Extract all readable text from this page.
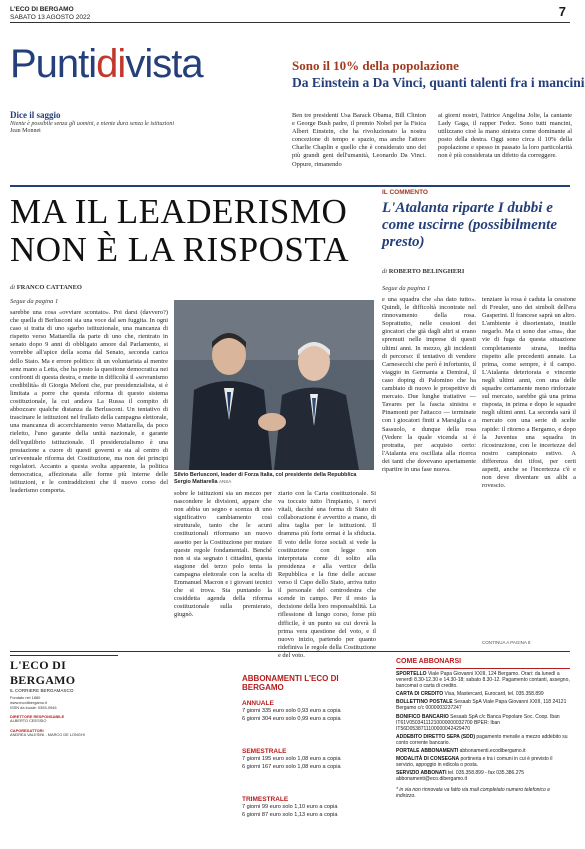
L'ECO DI BERGAMO
SABATO 13 AGOSTO 2022	7
Puntidivista
Dice il saggio
Niente è possibile senza gli uomini, e niente dura senza le istituzioni
Jean Monnet
Sono il 10% della popolazione
Da Einstein a Da Vinci, quanti talenti fra i mancini
Ben tre presidenti Usa Barack Obama, Bill Clinton e George Bush padre, il premio Nobel per la Fisica Albert Einstein, che ha rivoluzionato la nostra concezione di tempo e spazio, ma anche l'attore Charlie Chaplin e quello che è considerato uno dei più grandi geni dell'umanità, Leonardo Da Vinci. Oppure, rimanendo
ai giorni nostri, l'attrice Angelina Jolie, la cantante Lady Gaga, il rapper Fedez. Sono tutti mancini, utilizzano cioè la mano sinistra come dominante al posto della destra. Oggi sono circa il 10% della popolazione e spesso in passato la loro particolarità non è più considerata un difetto da correggere.
MA IL LEADERISMO
NON È LA RISPOSTA
IL COMMENTO
L'Atalanta riparte I dubbi e come uscirne (possibilmente presto)
di FRANCO CATTANEO
Segue da pagina 1
sarebbe una cosa «ovviare scontato». Poi darsi (davvero?) che quella di Berlusconi sia una voce dal sen fuggita. In ogni caso si tratta di uno sgarbo istituzionale, una mancanza di rispetto verso Mattarella da parte di uno che, rientrato in senato dopo 9 anni di obbligato amore dal Parlamento, si vorrebbe all'apice della scena dal Senato, seconda carica dello Stato. Ma e errore politico: di un voluntarista al mentre senz mano a Letta, che ha posto la questione democratica nei confronti di questa destra, e mette in difficoltà il «sovranismo credibilità» di Giorgia Meloni che, pur presidenzialista, si è limitata a porre che questa riforma di questo sistema costituzionale, la cui andava La Russa il compito di abbozzare qualche distanza da Berlusconi. Un tentativo di trascinare le istituzioni nel frullato della campagna elettorale, una mancanza di accerchiamento verso Mattarella, da poco rieletto, l'uno garante della unità nazionale, e garante dell'equilibrio istituzionale. Il presidenzialismo è una prestazione a cuore di questi governi e sta al centro di un'eventuale riforma dei Costituzione, ma non dei principi regolatori. Accanto a questa svolta apparente, la politica democratica, affezionata alle forme più interne delle istituzioni, e le contraddizioni che il nuovo corso del leaderismo comporta.
Silvio Berlusconi, leader di Forza Italia, col presidente della Repubblica Sergio Mattarella ANSA
sobre le istituzioni sia un mezzo per nascondere le divisioni, appare che non abbia un segno e scenza di uno significativo cambiamento così strutturale, tanto che le acuni costituzionali riformano un nuovo assetto per la Costituzione per mutare queste regole fondamentali. Benché non si sia segnato i cittadini, questa stagione del terzo polo tenta la campagna elettorale con la scelta di Emmanuel Macron e i giovani tecnici che si trova. Sta puntando la cosiddetta agenda della riforma costituzionale sulla premierato, giugnò.
ziario con la Carta costituzionale. Si va toccato tutto l'impianto, i nervi vitali, dacché una forma di Stato di collaborazione è avvertito a mano, di altra taglia per le istituzioni. Il dramma più forte ormai è la sfiducia. Il voto delle forze sociali si vede la costituzione con legge non interpretata come di solito alla presidenza e alla vertice della Repubblica e la fine delle accuse verso il Capo dello Stato, arriva tutto il personale del centrodestra che scende in campo. Per il resto la decisione della loro responsabilità. La riflessione di lungo corso, forse più difficile, è un punto su cui dovrà la prima vera questione del voto, e il nuovo inizio, partendo per quanto ridefiniva le regole della Costituzione e del voto.
di ROBERTO BELINGHERI
Segue da pagina 1
e una squadra che «ha dato tutto». Quindi, le difficoltà incontrate nel rinnovamento della rosa. Soprattutto, nelle cessioni dei giocatori che già dagli altri si erano spremuti nelle imprese di questi ultimi anni. In mezzo, gli incidenti di percorso: il tentativo di vendere Carnesecchi che però è infortunio, il viaggio in Germania a Demiral, il caso doping di Palomino che ha cambiato di nuovo le prospettive di mercato. Due lunghe trattative — Tavares per la fascia sinistra e Pinamonti per l'attacco — terminate con i giocatori finiti a Marsiglia e a Sassuolo, e dunque della rosa (Vedere la quale vicenda si è protratta, per acquisto certo: l'Atalanta era oscillata alla ricerca dei tanti che dovevano apertamente ripartire in una fase nuova.
tenziare la rosa è caduta la cessione di Freuler, uno dei simboli dell'era Gasperini. Il francese saprà un altro. L'ambiente è disorientato, inutile negarlo. Ma ci sono due «ma», due vie di fuga da questa situazione completamente strana, inedita rispetto alle precedenti annate. La prima, come sempre, è il campo. L'Atalanta deteriorata e vincente negli ultimi anni, con una delle squadre certamente meno rinforzate sul mercato, sarebbe già una prima risposta, in prima e dopo le squadre negli ultimi anni. La seconda sarà il mercato con una serie di scelte rapide: il ritorno a Bergamo, e dopo la Juventus una squadra in ricostruzione, con le incertezze del nostro campionato estivo. A differenza dei tifosi, per certi aspetti, anche se l'incertezza c'è e non deve diventare un alibi a rovescio.
CONTINUA A PAGINA 8
L'ECO DI BERGAMO
IL CORRIERE BERGAMASCO
Fondato nel 1880
www.ecodibergamo.it
ISSN da locale: 0393-0946
DIRETTORE RESPONSABILE
ALBERTO CEESSIO
CAPOREDATTORI
ANDREA VALESINI - MARCO DE LONGHI
ABBONAMENTI L'ECO DI BERGAMO
ANNUALE
7 giorni 335 euro solo 0,93 euro a copia
6 giorni 304 euro solo 0,99 euro a copia
SEMESTRALE
7 giorni 195 euro solo 1,08 euro a copia
6 giorni 167 euro solo 1,08 euro a copia
TRIMESTRALE
7 giorni 99 euro solo 1,10 euro a copia
6 giorni 87 euro solo 1,13 euro a copia
COME ABBONARSI
SPORTELLO Viale Papa Giovanni XXIII, 124 Bergamo. Orari: da lunedì a venerdì 8.30-12.30 e 14.30-18; sabato 8.30-12. Pagamento contanti, assegno, bancomat o carta di credito.
CARTA DI CREDITO Visa, Mastercard, Eurocard, tel. 035.358.899
BOLLETTINO POSTALE Sesaab SpA Viale Papa Giovanni XXIII, 118 24121 Bergamo c/c 0000003237247
BONIFICO BANCARIO Sesaab SpA c/c Banca Popolare Soc. Coop. Iban IT61V05034111210000000032700 BPER: Iban IT56D0538711100000042429470
ADDEBITO DIRETTO SEPA (SDD) pagamento mensile a mezzo addebito su conto corrente bancario.
PORTALE ABBONAMENTI abbonamenti.ecodibergamo.it
MODALITÀ DI CONSEGNA portineria e tra i comuni in cui è previsto il servizio, appoggio in edicola o posta.
SERVIZIO ABBONATI tel. 035.358.899 - fax 035.386.275 abbonamenti@eco.dibergamo.it
* in via non rinnovata va fatto via mail completato numero telefonico e indirizzo.
